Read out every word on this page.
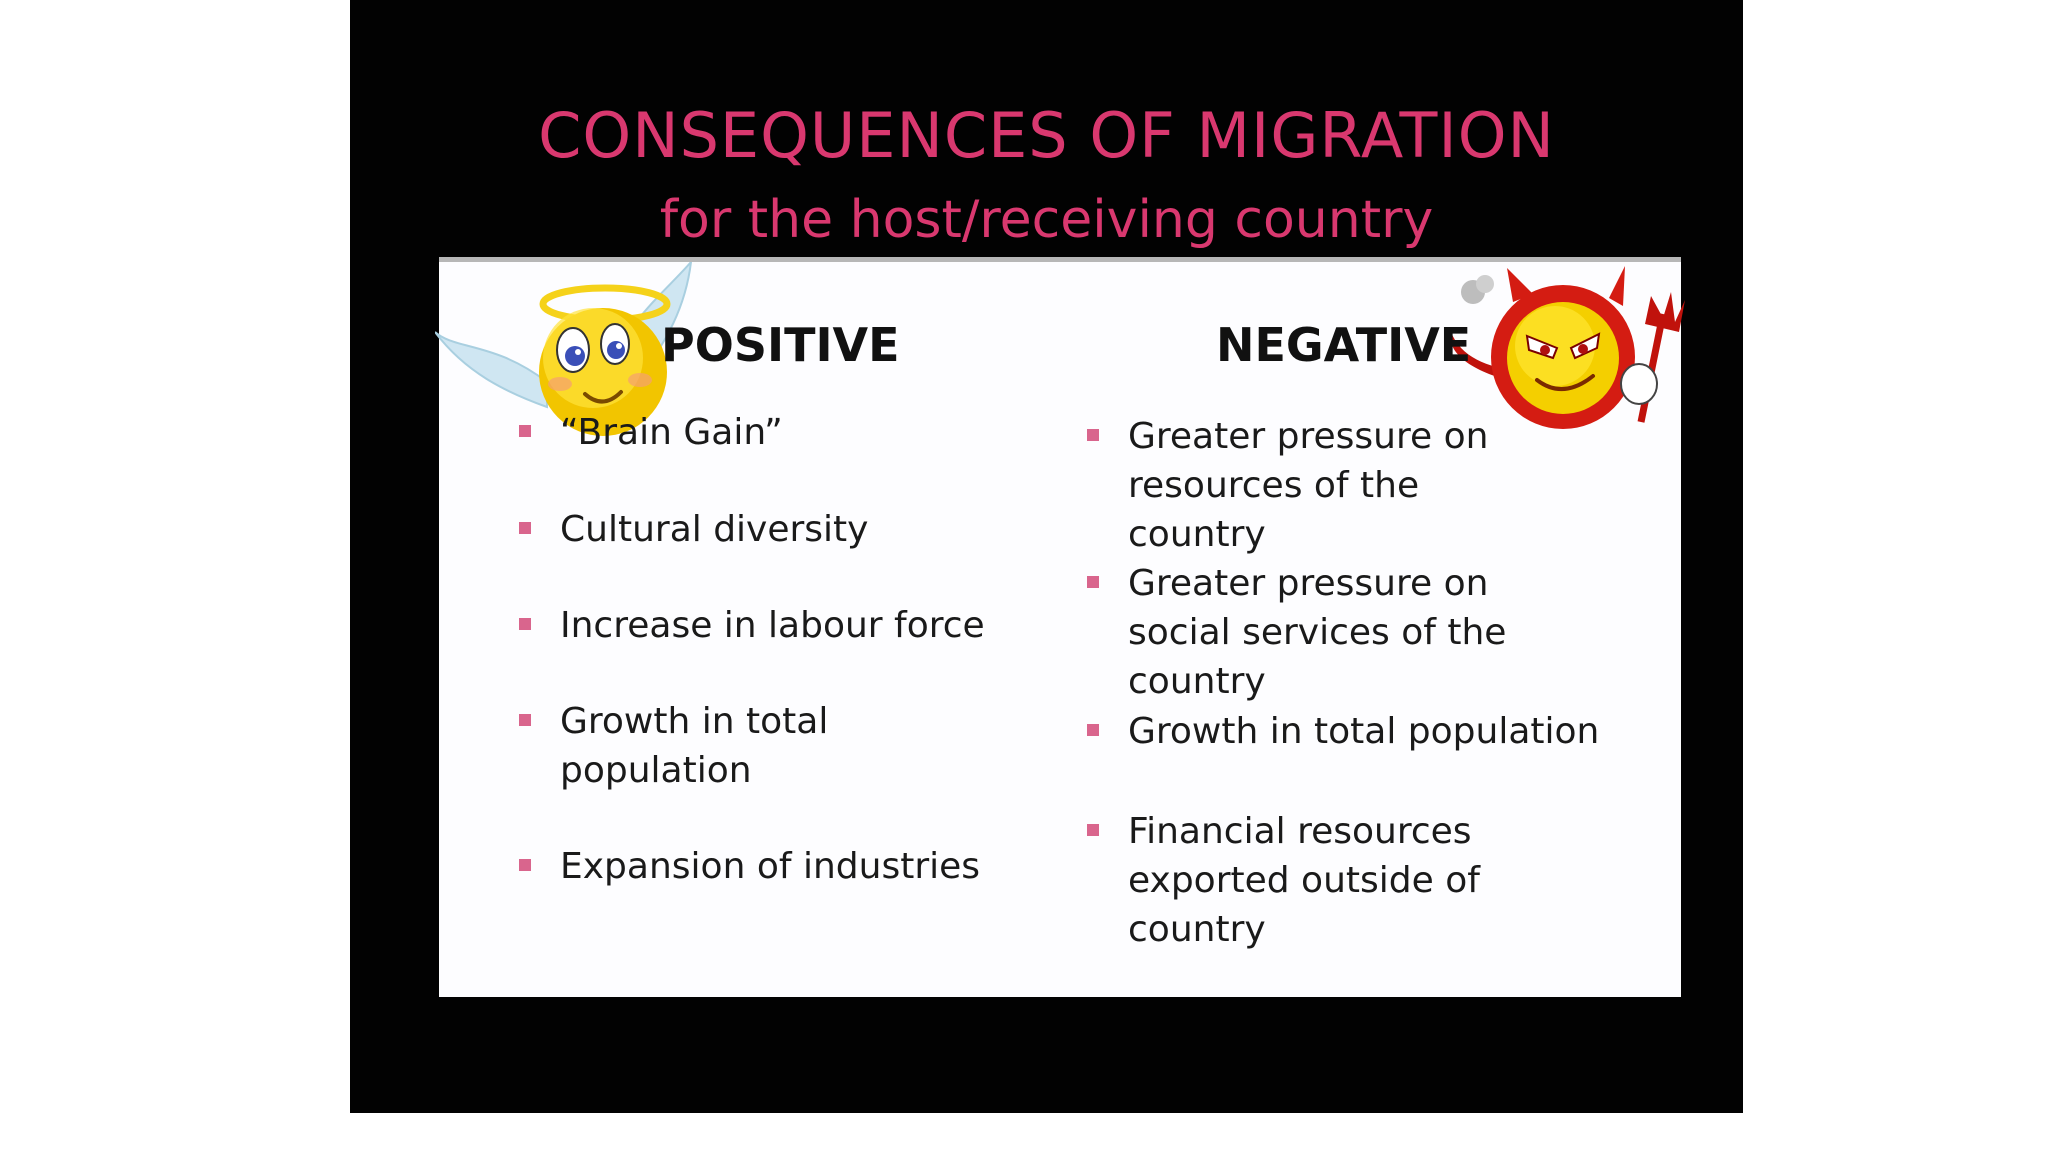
CONSEQUENCES OF MIGRATION
for the host/receiving country
POSITIVE	NEGATIVE
“Brain Gain”
Cultural diversity
Increase in labour force
Growth in total population
Expansion of industries
Greater pressure on resources of the country
Greater pressure on social services of the country
Growth in total population
Financial resources exported outside of country
